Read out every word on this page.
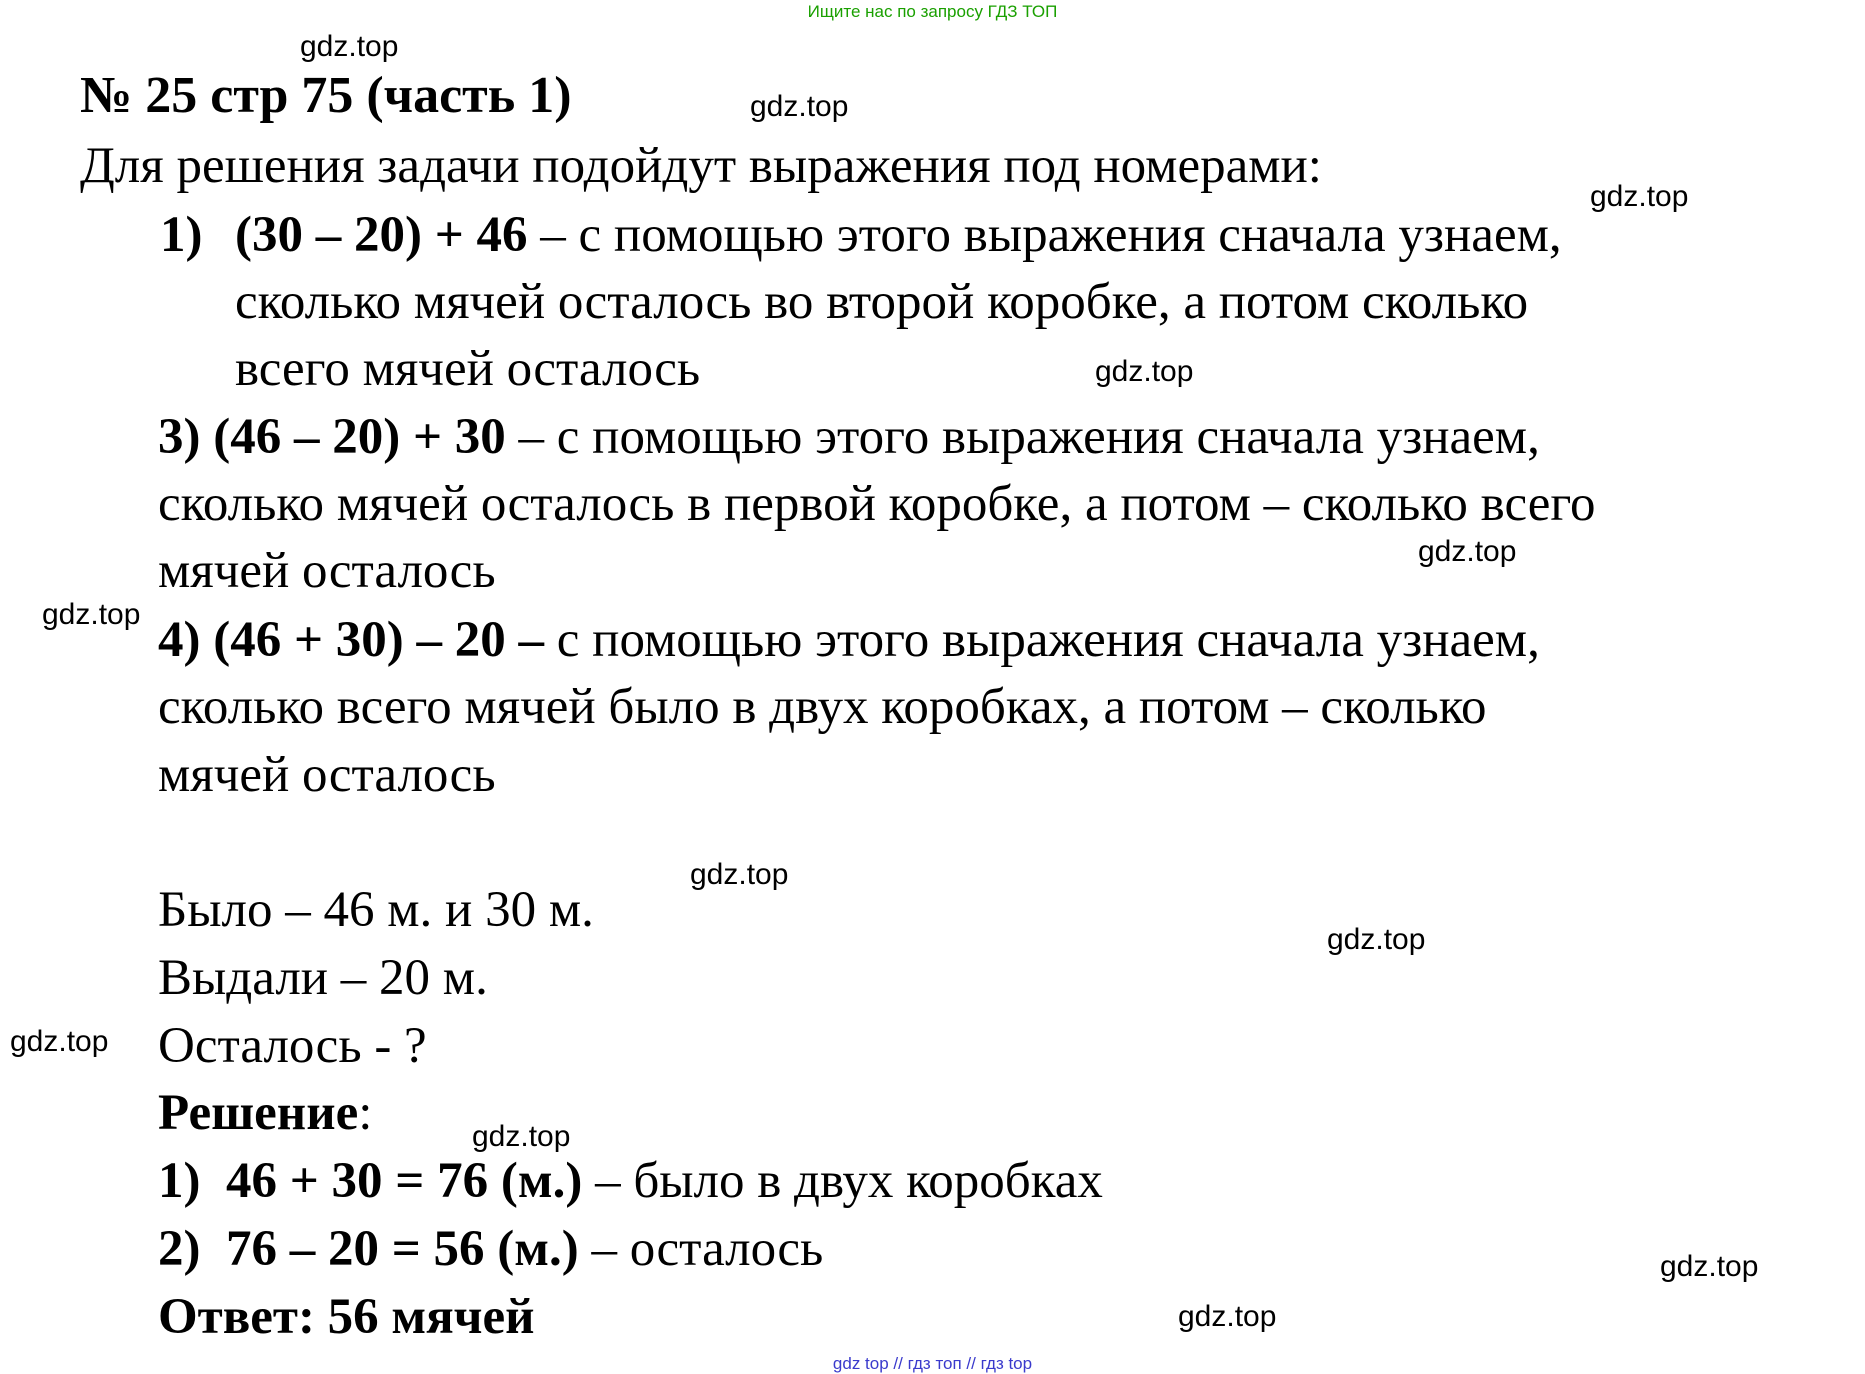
Ищите нас по запросу ГДЗ ТОП
gdz top // гдз топ // гдз top
gdz.top
gdz.top
gdz.top
gdz.top
gdz.top
gdz.top
gdz.top
gdz.top
gdz.top
gdz.top
gdz.top
gdz.top
№ 25 стр 75 (часть 1)
Для решения задачи подойдут выражения под номерами:
1) (30 – 20) + 46 – с помощью этого выражения сначала узнаем,
сколько мячей осталось во второй коробке, а потом сколько
всего мячей осталось
3) (46 – 20) + 30 – с помощью этого выражения сначала узнаем,
сколько мячей осталось в первой коробке, а потом – сколько всего
мячей осталось
4) (46 + 30) – 20 – с помощью этого выражения сначала узнаем,
сколько всего мячей было в двух коробках, а потом – сколько
мячей осталось
Было – 46 м. и 30 м.
Выдали – 20 м.
Осталось - ?
Решение:
1) 46 + 30 = 76 (м.) – было в двух коробках
2) 76 – 20 = 56 (м.) – осталось
Ответ: 56 мячей
